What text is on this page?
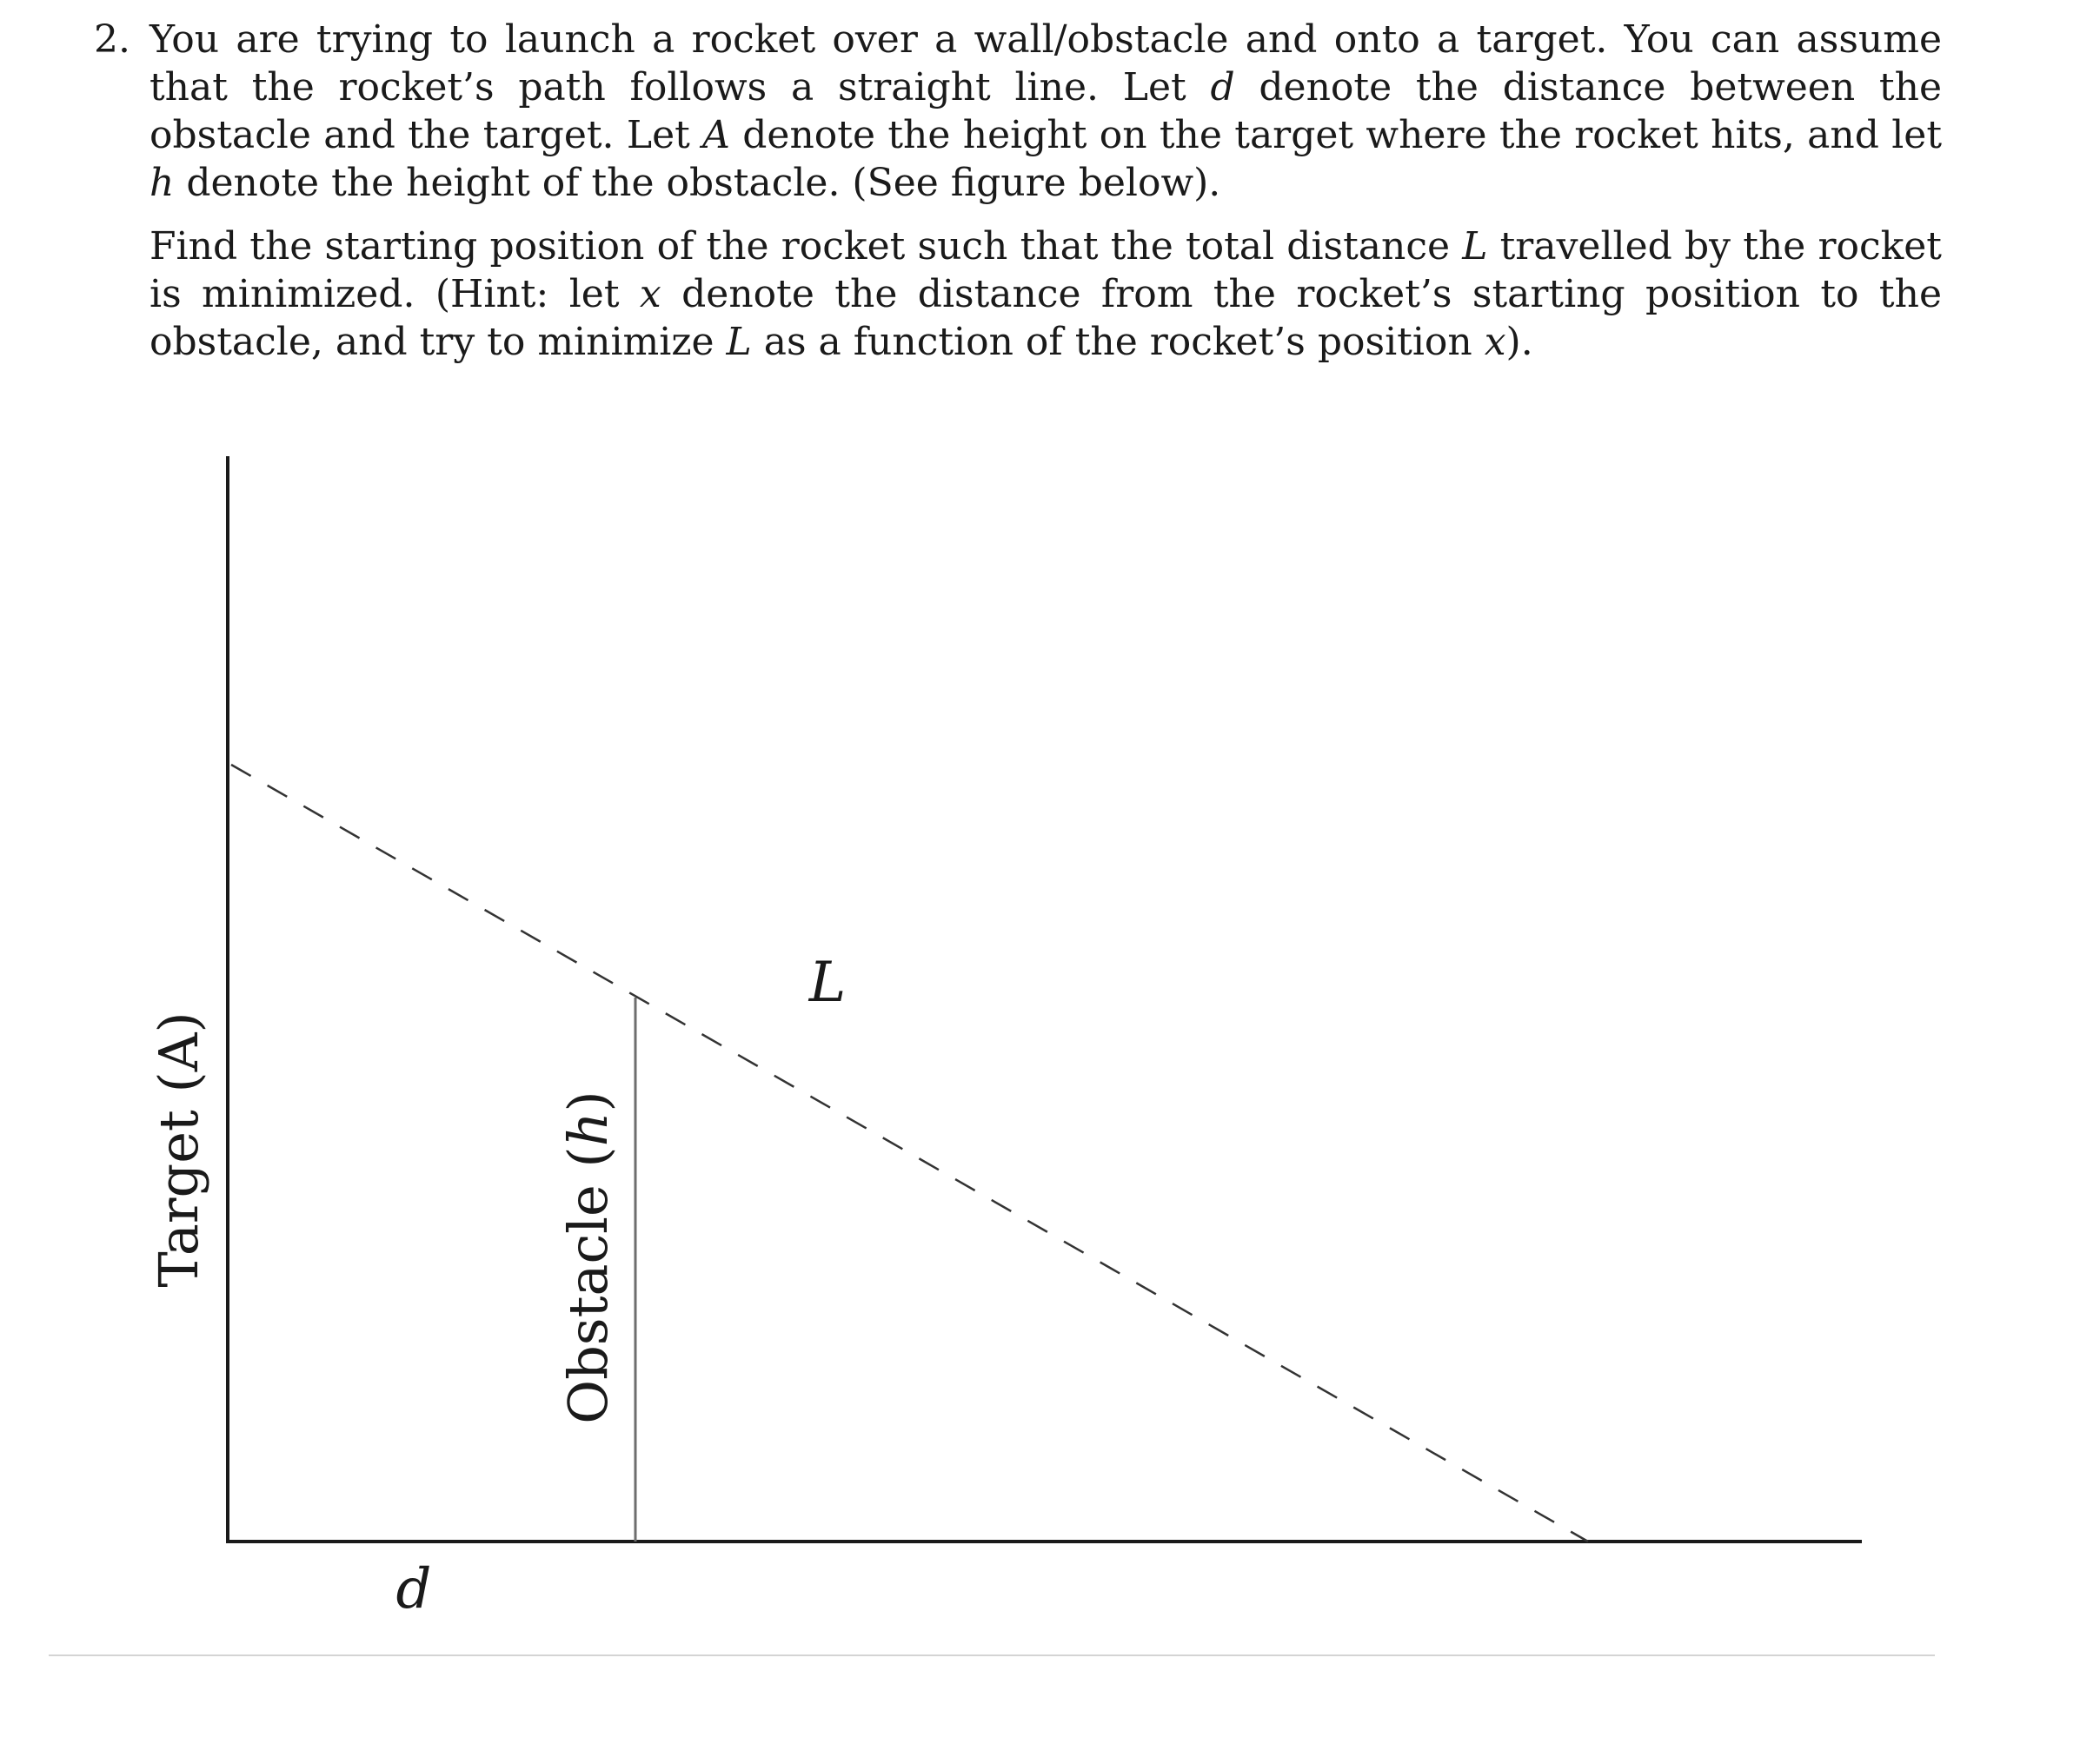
2. You are trying to launch a rocket over a wall/obstacle and onto a target. You can assume that the rocket’s path follows a straight line. Let d denote the distance between the obstacle and the target. Let A denote the height on the target where the rocket hits, and let h denote the height of the obstacle. (See figure below).

Find the starting position of the rocket such that the total distance L travelled by the rocket is minimized. (Hint: let x denote the distance from the rocket’s starting position to the obstacle, and try to minimize L as a function of the rocket’s position x).

Target (A)	Obstacle (h)
L
d
